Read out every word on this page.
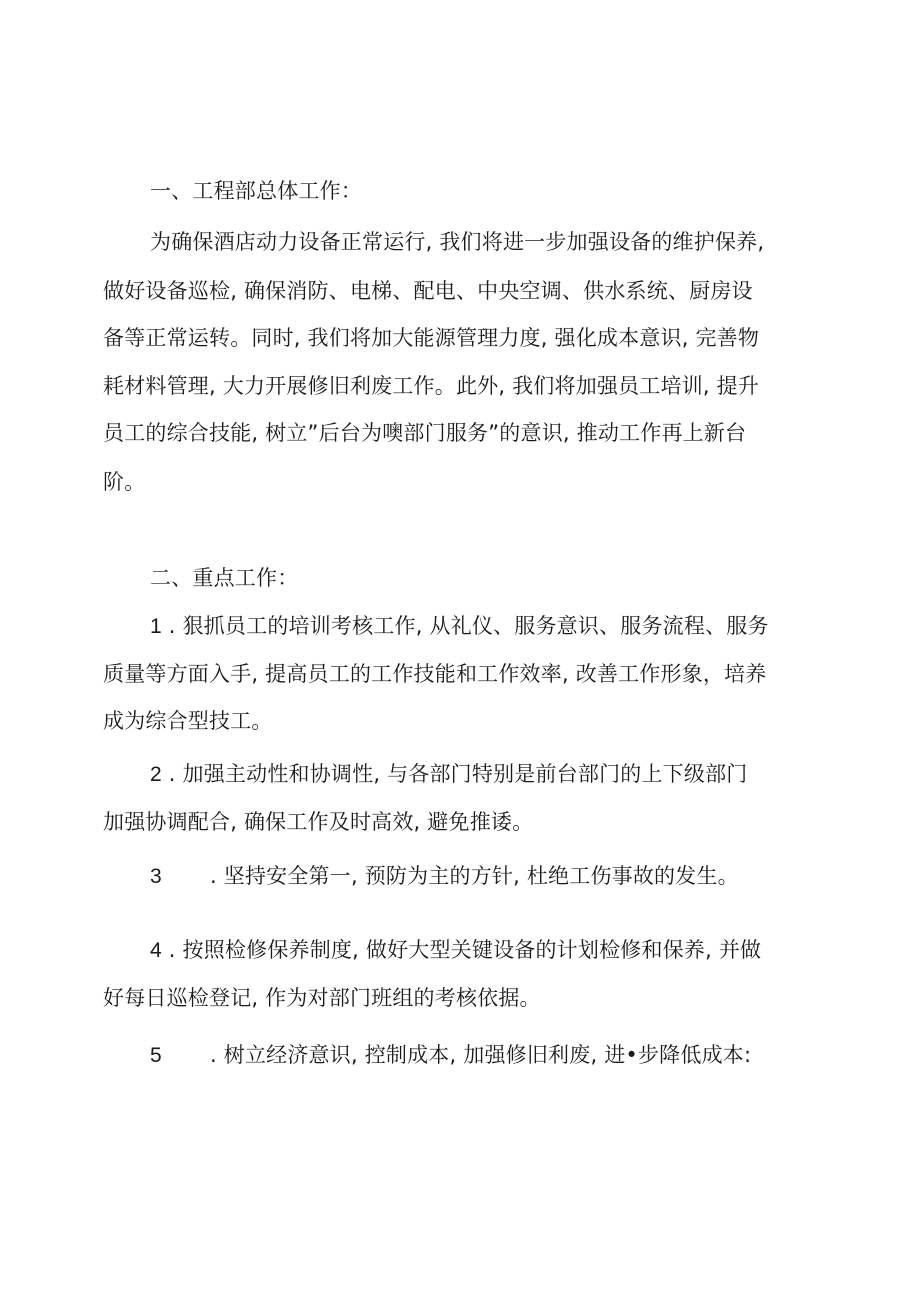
一、工程部总体工作：
为确保酒店动力设备正常运行, 我们将进一步加强设备的维护保养,
做好设备巡检, 确保消防、电梯、配电、中央空调、供水系统、厨房设
备等正常运转。同时, 我们将加大能源管理力度, 强化成本意识, 完善物
耗材料管理, 大力开展修旧利废工作。此外, 我们将加强员工培训, 提升
员工的综合技能, 树立”后台为噢部门服务”的意识, 推动工作再上新台
阶。
二、重点工作：
1 . 狠抓员工的培训考核工作, 从礼仪、服务意识、服务流程、服务
质量等方面入手, 提高员工的工作技能和工作效率, 改善工作形象，培养
成为综合型技工。
2 . 加强主动性和协调性, 与各部门特别是前台部门的上下级部门
加强协调配合, 确保工作及时高效, 避免推诿。
3 . 坚持安全第一, 预防为主的方针, 杜绝工伤事故的发生。
4 . 按照检修保养制度, 做好大型关键设备的计划检修和保养, 并做
好每日巡检登记, 作为对部门班组的考核依据。
5 . 树立经济意识, 控制成本, 加强修旧利废, 进•步降低成本:
